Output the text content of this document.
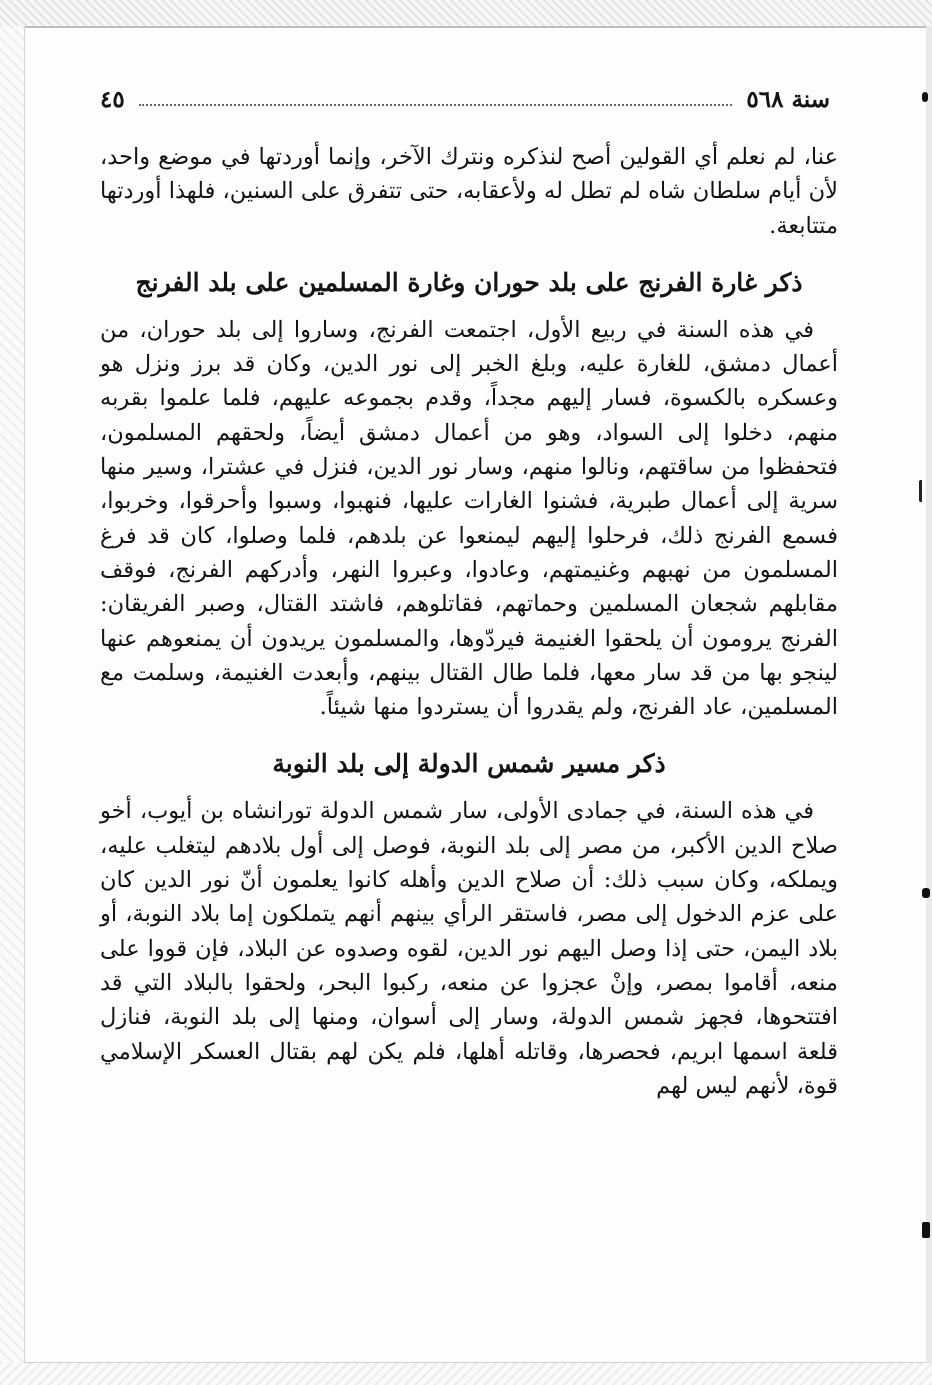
سنة ٥٦٨
٤٥

عنا، لم نعلم أي القولين أصح لنذكره ونترك الآخر، وإنما أوردتها في موضع واحد، لأن أيام سلطان شاه لم تطل له ولأعقابه، حتى تتفرق على السنين، فلهذا أوردتها متتابعة.

ذكر غارة الفرنج على بلد حوران وغارة المسلمين على بلد الفرنج

في هذه السنة في ربيع الأول، اجتمعت الفرنج، وساروا إلى بلد حوران، من أعمال دمشق، للغارة عليه، وبلغ الخبر إلى نور الدين، وكان قد برز ونزل هو وعسكره بالكسوة، فسار إليهم مجداً، وقدم بجموعه عليهم، فلما علموا بقربه منهم، دخلوا إلى السواد، وهو من أعمال دمشق أيضاً، ولحقهم المسلمون، فتحفظوا من ساقتهم، ونالوا منهم، وسار نور الدين، فنزل في عشترا، وسير منها سرية إلى أعمال طبرية، فشنوا الغارات عليها، فنهبوا، وسبوا وأحرقوا، وخربوا، فسمع الفرنج ذلك، فرحلوا إليهم ليمنعوا عن بلدهم، فلما وصلوا، كان قد فرغ المسلمون من نهبهم وغنيمتهم، وعادوا، وعبروا النهر، وأدركهم الفرنج، فوقف مقابلهم شجعان المسلمين وحماتهم، فقاتلوهم، فاشتد القتال، وصبر الفريقان: الفرنج يرومون أن يلحقوا الغنيمة فيردّوها، والمسلمون يريدون أن يمنعوهم عنها لينجو بها من قد سار معها، فلما طال القتال بينهم، وأبعدت الغنيمة، وسلمت مع المسلمين، عاد الفرنج، ولم يقدروا أن يستردوا منها شيئاً.

ذكر مسير شمس الدولة إلى بلد النوبة

في هذه السنة، في جمادى الأولى، سار شمس الدولة تورانشاه بن أيوب، أخو صلاح الدين الأكبر، من مصر إلى بلد النوبة، فوصل إلى أول بلادهم ليتغلب عليه، ويملكه، وكان سبب ذلك: أن صلاح الدين وأهله كانوا يعلمون أنّ نور الدين كان على عزم الدخول إلى مصر، فاستقر الرأي بينهم أنهم يتملكون إما بلاد النوبة، أو بلاد اليمن، حتى إذا وصل اليهم نور الدين، لقوه وصدوه عن البلاد، فإن قووا على منعه، أقاموا بمصر، وإنْ عجزوا عن منعه، ركبوا البحر، ولحقوا بالبلاد التي قد افتتحوها، فجهز شمس الدولة، وسار إلى أسوان، ومنها إلى بلد النوبة، فنازل قلعة اسمها ابريم، فحصرها، وقاتله أهلها، فلم يكن لهم بقتال العسكر الإسلامي قوة، لأنهم ليس لهم
